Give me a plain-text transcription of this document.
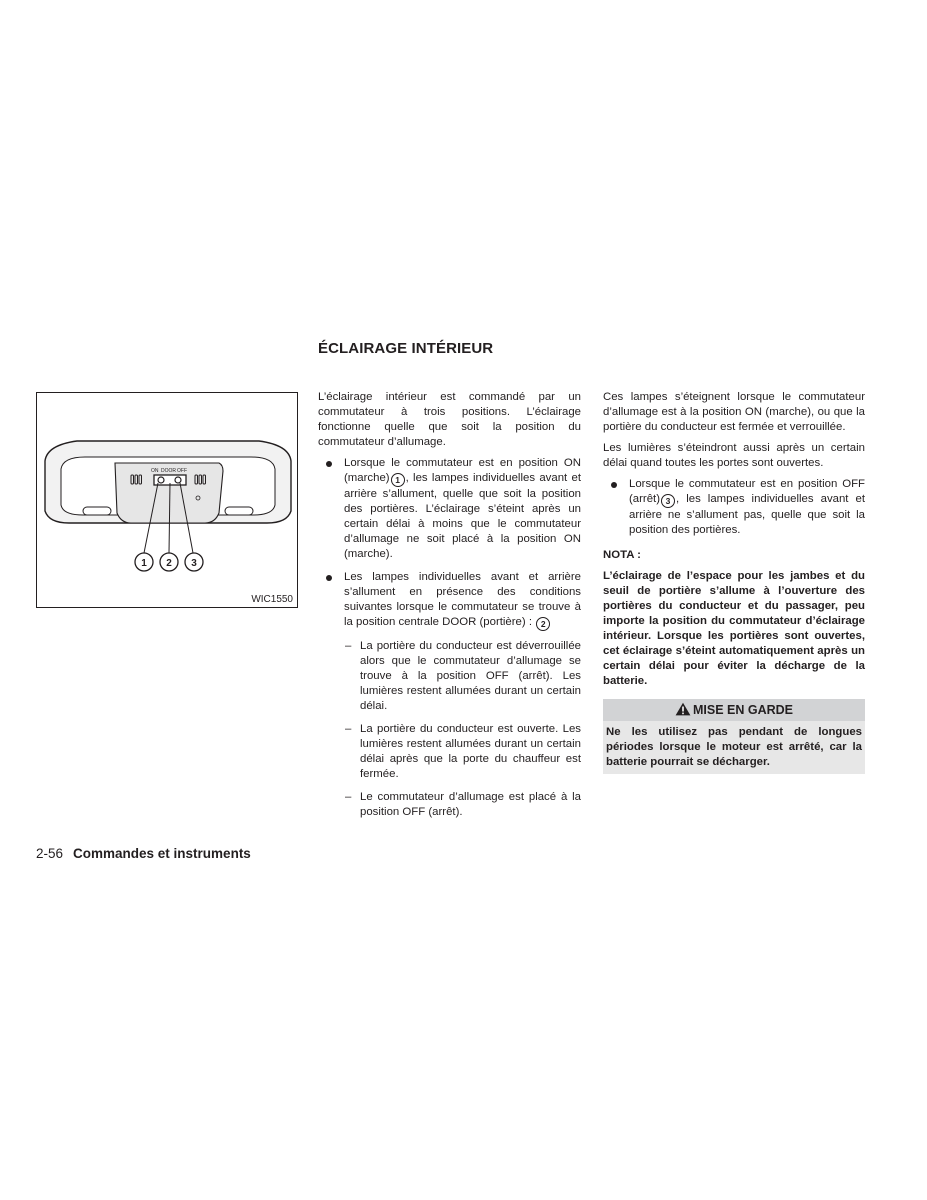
ON DOOR OFF
1 2 3
WIC1550
ÉCLAIRAGE INTÉRIEUR

L’éclairage intérieur est commandé par un commutateur à trois positions. L’éclairage fonctionne quelle que soit la position du commutateur d’allumage.

Lorsque le commutateur est en position ON (marche) 1 , les lampes individuelles avant et arrière s’allument, quelle que soit la position des portières. L’éclairage s’éteint après un certain délai à moins que le commutateur d’allumage ne soit placé à la position ON (marche).

Les lampes individuelles avant et arrière s’allument en présence des conditions suivantes lorsque le commutateur se trouve à la position centrale DOOR (portière) : 2

– La portière du conducteur est déverrouillée alors que le commutateur d’allumage se trouve à la position OFF (arrêt). Les lumières restent allumées durant un certain délai.

– La portière du conducteur est ouverte. Les lumières restent allumées durant un certain délai après que la porte du chauffeur est fermée.

– Le commutateur d’allumage est placé à la position OFF (arrêt).

Ces lampes s’éteignent lorsque le commutateur d’allumage est à la position ON (marche), ou que la portière du conducteur est fermée et verrouillée.

Les lumières s’éteindront aussi après un certain délai quand toutes les portes sont ouvertes.

Lorsque le commutateur est en position OFF (arrêt) 3 , les lampes individuelles avant et arrière ne s’allument pas, quelle que soit la position des portières.

NOTA :

L’éclairage de l’espace pour les jambes et du seuil de portière s’allume à l’ouverture des portières du conducteur et du passager, peu importe la position du commutateur d’éclairage intérieur. Lorsque les portières sont ouvertes, cet éclairage s’éteint automatiquement après un certain délai pour éviter la décharge de la batterie.

MISE EN GARDE

Ne les utilisez pas pendant de longues périodes lorsque le moteur est arrêté, car la batterie pourrait se décharger.

2-56 Commandes et instruments
